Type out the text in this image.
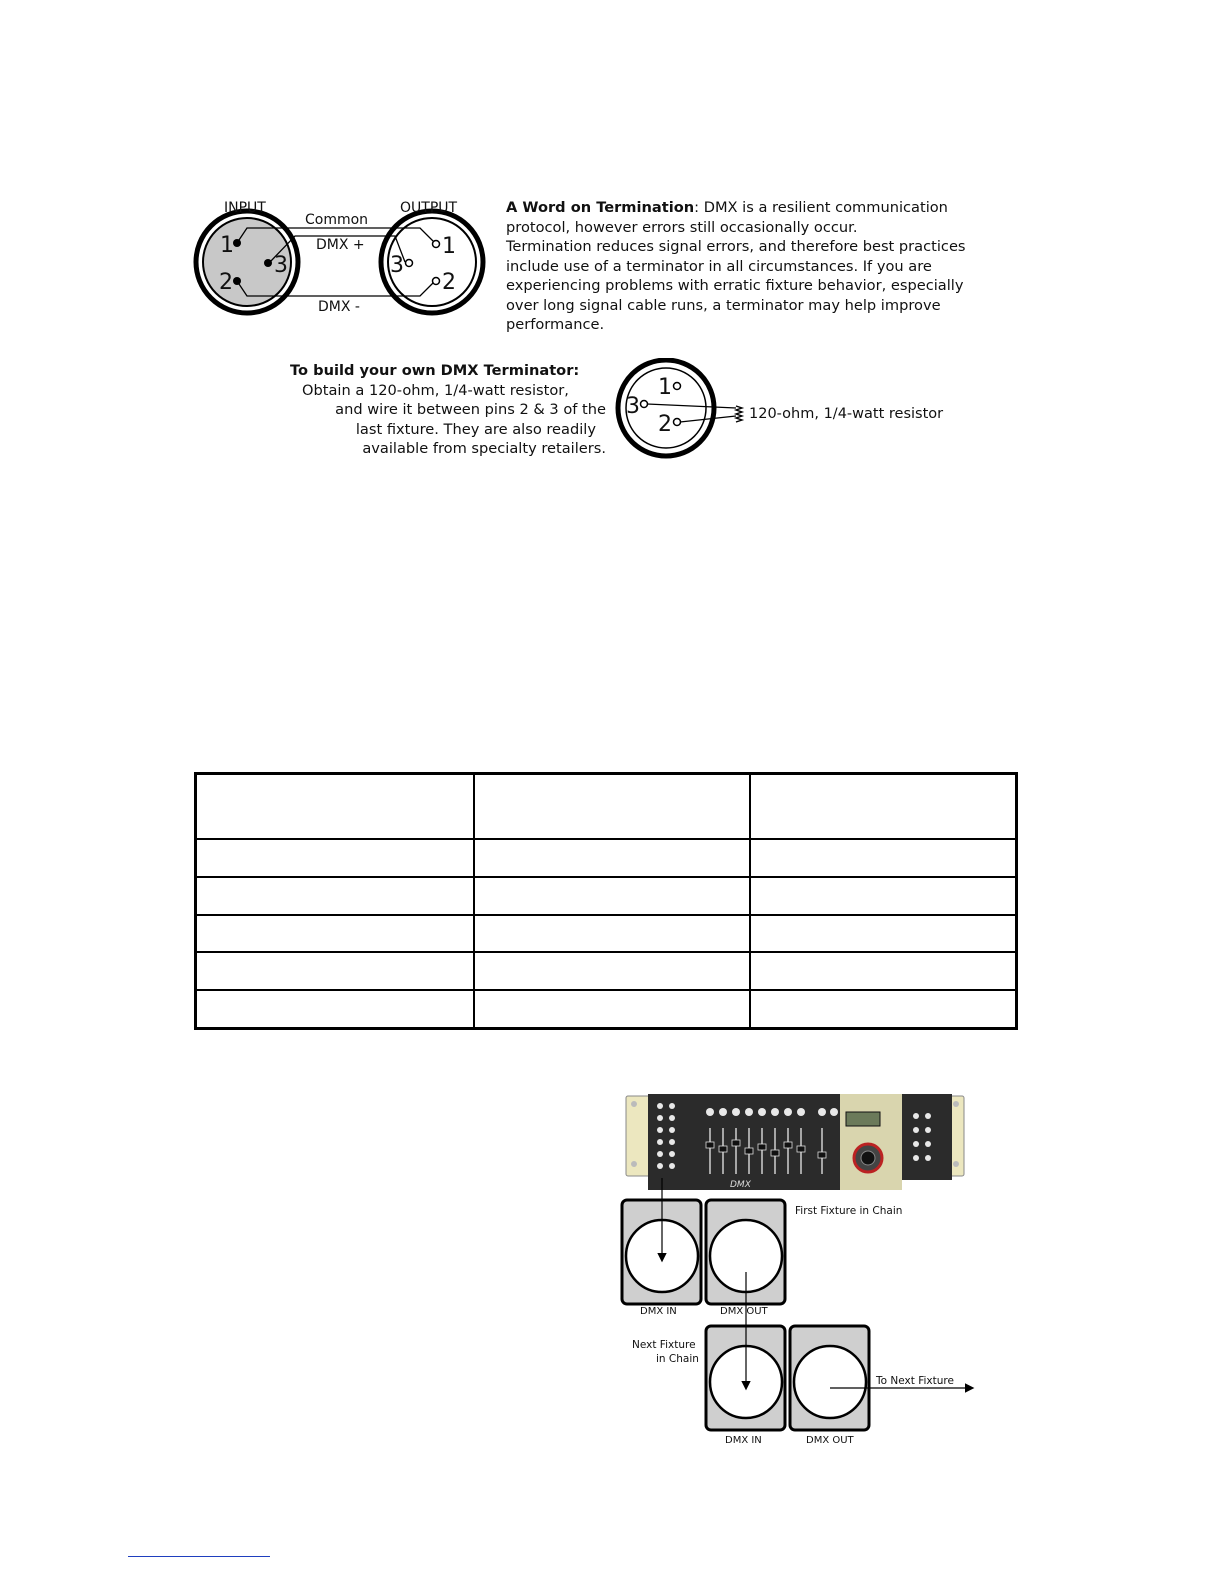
INPUT	OUTPUT
Common
DMX +
DMX -
1
3
2
1
3
2
A Word on Termination: DMX is a resilient communication
protocol, however errors still occasionally occur.
Termination reduces signal errors, and therefore best practices
include use of a terminator in all circumstances. If you are
experiencing problems with erratic fixture behavior, especially
over long signal cable runs, a terminator may help improve
performance.
To build your own DMX Terminator:
Obtain a 120-ohm, 1/4-watt resistor,
and wire it between pins 2 & 3 of the
last fixture. They are also readily
available from specialty retailers.
1
3
2	120-ohm, 1/4-watt resistor

DMX
First Fixture in Chain
DMX IN	DMX OUT
Next Fixture
in Chain
DMX IN	DMX OUT
To Next Fixture
